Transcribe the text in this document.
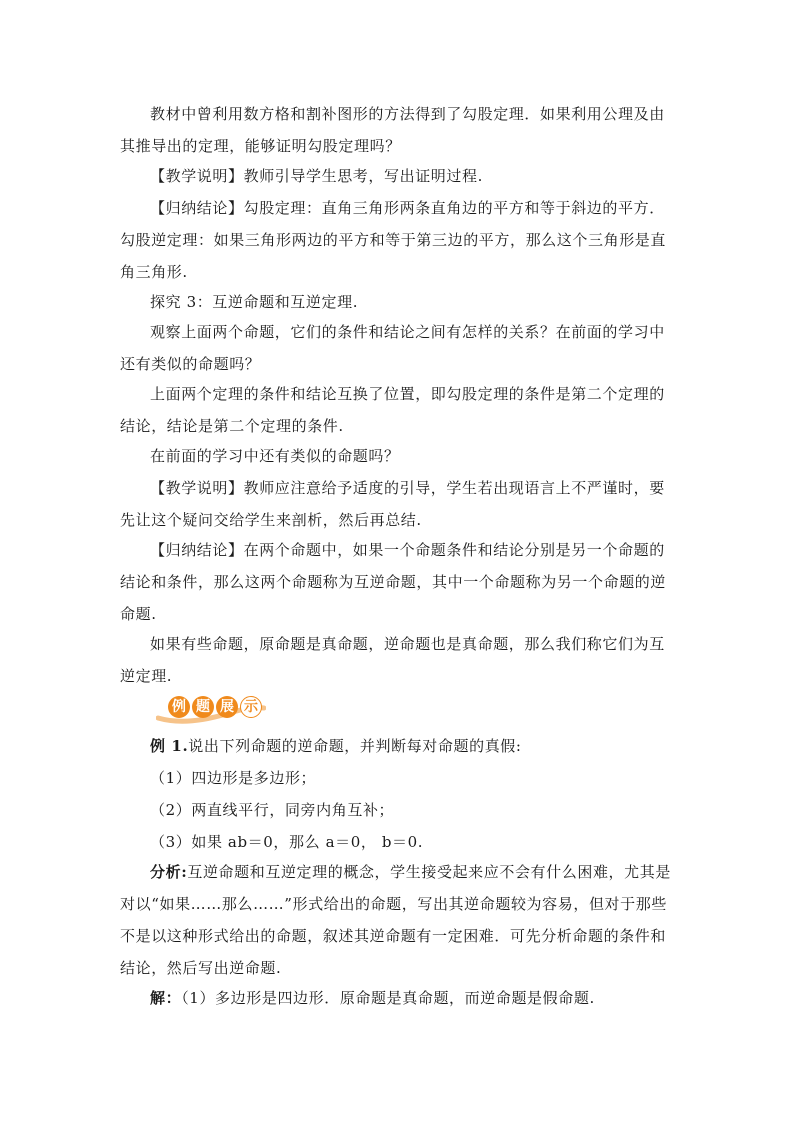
教材中曾利用数方格和割补图形的方法得到了勾股定理．如果利用公理及由其推导出的定理，能够证明勾股定理吗？

【教学说明】教师引导学生思考，写出证明过程.

【归纳结论】勾股定理：直角三角形两条直角边的平方和等于斜边的平方．勾股逆定理：如果三角形两边的平方和等于第三边的平方，那么这个三角形是直角三角形.

探究 3：互逆命题和互逆定理.

观察上面两个命题，它们的条件和结论之间有怎样的关系？在前面的学习中还有类似的命题吗？

上面两个定理的条件和结论互换了位置，即勾股定理的条件是第二个定理的结论，结论是第二个定理的条件.

在前面的学习中还有类似的命题吗？

【教学说明】教师应注意给予适度的引导，学生若出现语言上不严谨时，要先让这个疑问交给学生来剖析，然后再总结.

【归纳结论】在两个命题中，如果一个命题条件和结论分别是另一个命题的结论和条件，那么这两个命题称为互逆命题，其中一个命题称为另一个命题的逆命题.

如果有些命题，原命题是真命题，逆命题也是真命题，那么我们称它们为互逆定理.

例 题 展 示

例 1.说出下列命题的逆命题，并判断每对命题的真假:

（1）四边形是多边形；

（2）两直线平行，同旁内角互补；

（3）如果 ab＝0，那么 a＝0， b＝0.

分析:互逆命题和互逆定理的概念，学生接受起来应不会有什么困难，尤其是对以“如果……那么……”形式给出的命题，写出其逆命题较为容易，但对于那些不是以这种形式给出的命题，叙述其逆命题有一定困难．可先分析命题的条件和结论，然后写出逆命题.

解：（1）多边形是四边形．原命题是真命题，而逆命题是假命题.
